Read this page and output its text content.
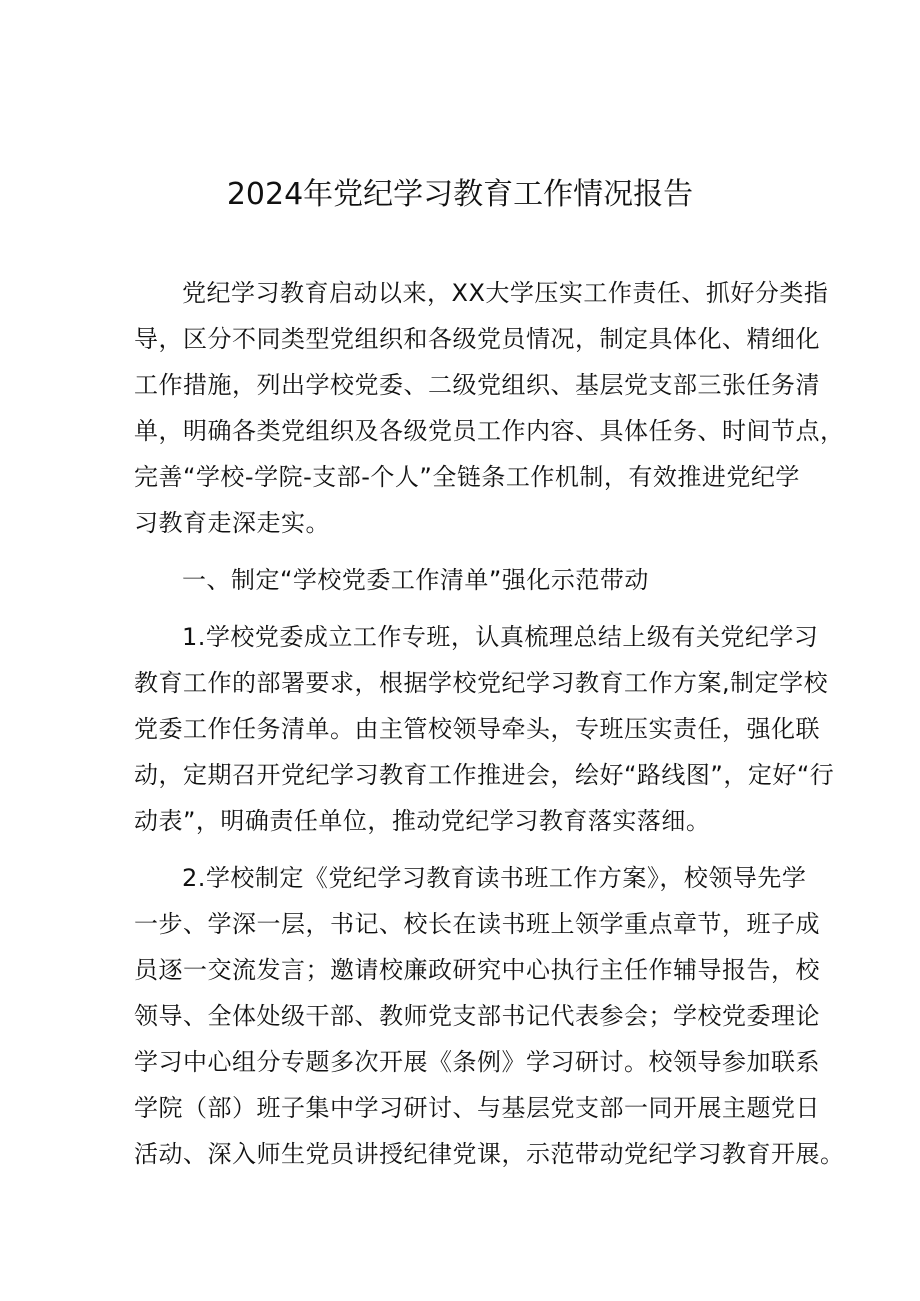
2024年党纪学习教育工作情况报告
党纪学习教育启动以来，XX大学压实工作责任、抓好分类指
导，区分不同类型党组织和各级党员情况，制定具体化、精细化
工作措施，列出学校党委、二级党组织、基层党支部三张任务清
单，明确各类党组织及各级党员工作内容、具体任务、时间节点，
完善“学校-学院-支部-个人”全链条工作机制，有效推进党纪学
习教育走深走实。
一、制定“学校党委工作清单”强化示范带动
1.学校党委成立工作专班，认真梳理总结上级有关党纪学习
教育工作的部署要求，根据学校党纪学习教育工作方案,制定学校
党委工作任务清单。由主管校领导牵头，专班压实责任，强化联
动，定期召开党纪学习教育工作推进会，绘好“路线图”，定好“行
动表”，明确责任单位，推动党纪学习教育落实落细。
2.学校制定《党纪学习教育读书班工作方案》，校领导先学
一步、学深一层，书记、校长在读书班上领学重点章节，班子成
员逐一交流发言；邀请校廉政研究中心执行主任作辅导报告，校
领导、全体处级干部、教师党支部书记代表参会；学校党委理论
学习中心组分专题多次开展《条例》学习研讨。校领导参加联系
学院（部）班子集中学习研讨、与基层党支部一同开展主题党日
活动、深入师生党员讲授纪律党课，示范带动党纪学习教育开展。
